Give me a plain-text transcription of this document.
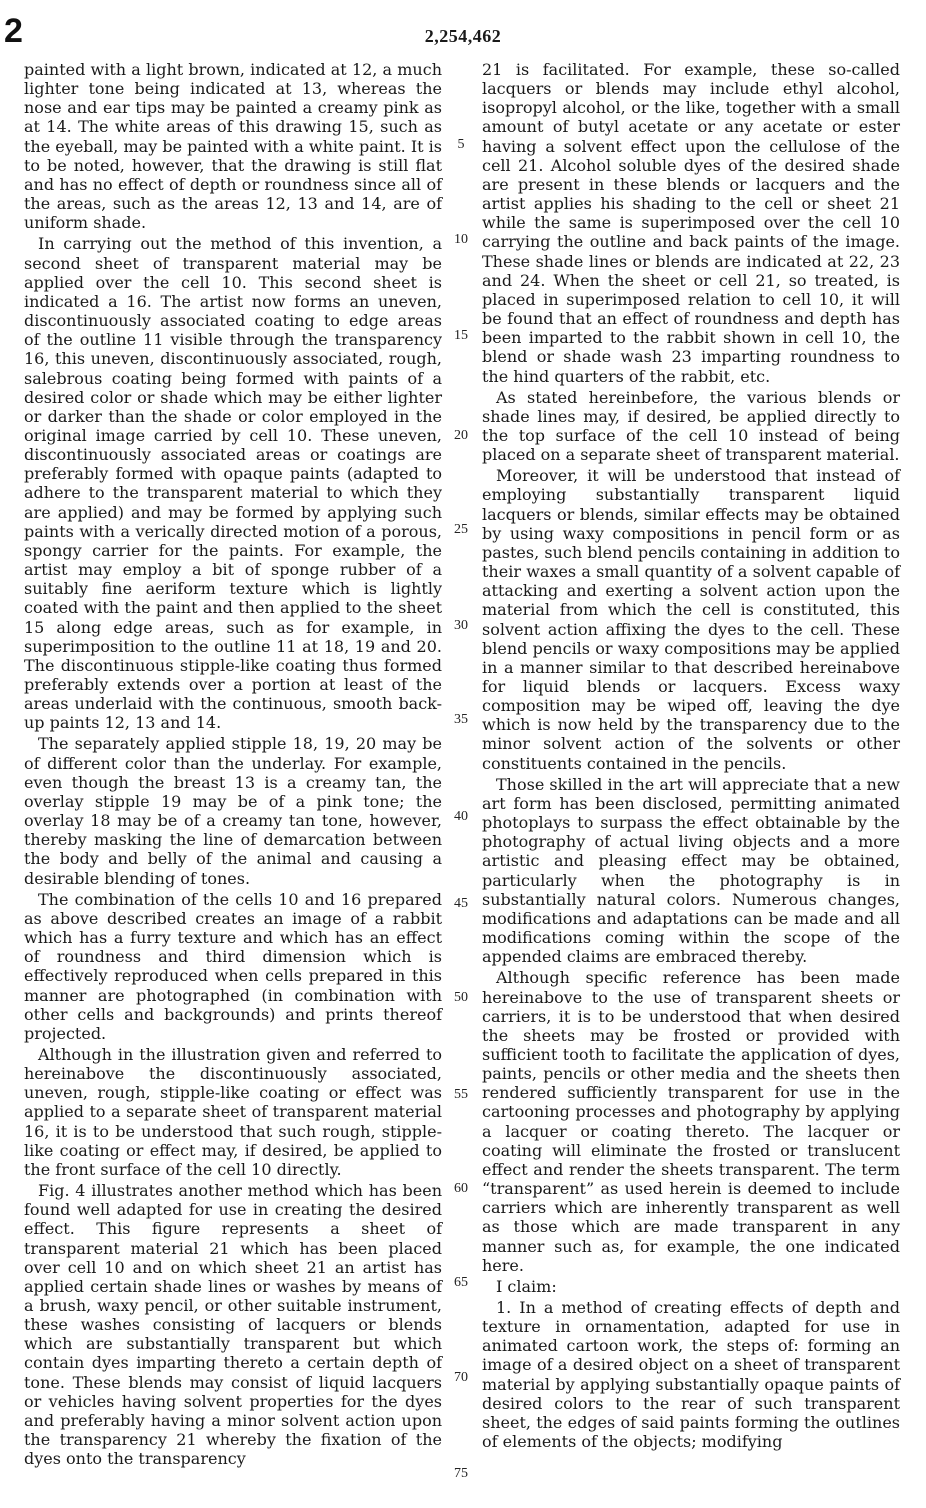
2	2,254,462

painted with a light brown, indicated at 12, a much lighter tone being indicated at 13, whereas the nose and ear tips may be painted a creamy pink as at 14. The white areas of this drawing 15, such as the eyeball, may be painted with a white paint. It is to be noted, however, that the drawing is still flat and has no effect of depth or roundness since all of the areas, such as the areas 12, 13 and 14, are of uniform shade.

In carrying out the method of this invention, a second sheet of transparent material may be applied over the cell 10. This second sheet is indicated a 16. The artist now forms an uneven, discontinuously associated coating to edge areas of the outline 11 visible through the transparency 16, this uneven, discontinuously associated, rough, salebrous coating being formed with paints of a desired color or shade which may be either lighter or darker than the shade or color employed in the original image carried by cell 10. These uneven, discontinuously associated areas or coatings are preferably formed with opaque paints (adapted to adhere to the transparent material to which they are applied) and may be formed by applying such paints with a verically directed motion of a porous, spongy carrier for the paints. For example, the artist may employ a bit of sponge rubber of a suitably fine aeriform texture which is lightly coated with the paint and then applied to the sheet 15 along edge areas, such as for example, in superimposition to the outline 11 at 18, 19 and 20. The discontinuous stipple-like coating thus formed preferably extends over a portion at least of the areas underlaid with the continuous, smooth back-up paints 12, 13 and 14.

The separately applied stipple 18, 19, 20 may be of different color than the underlay. For example, even though the breast 13 is a creamy tan, the overlay stipple 19 may be of a pink tone; the overlay 18 may be of a creamy tan tone, however, thereby masking the line of demarcation between the body and belly of the animal and causing a desirable blending of tones.

The combination of the cells 10 and 16 prepared as above described creates an image of a rabbit which has a furry texture and which has an effect of roundness and third dimension which is effectively reproduced when cells prepared in this manner are photographed (in combination with other cells and backgrounds) and prints thereof projected.

Although in the illustration given and referred to hereinabove the discontinuously associated, uneven, rough, stipple-like coating or effect was applied to a separate sheet of transparent material 16, it is to be understood that such rough, stipple-like coating or effect may, if desired, be applied to the front surface of the cell 10 directly.

Fig. 4 illustrates another method which has been found well adapted for use in creating the desired effect. This figure represents a sheet of transparent material 21 which has been placed over cell 10 and on which sheet 21 an artist has applied certain shade lines or washes by means of a brush, waxy pencil, or other suitable instrument, these washes consisting of lacquers or blends which are substantially transparent but which contain dyes imparting thereto a certain depth of tone. These blends may consist of liquid lacquers or vehicles having solvent properties for the dyes and preferably having a minor solvent action upon the transparency 21 whereby the fixation of the dyes onto the transparency

5
10
15
20
25
30
35
40
45
50
55
60
65
70
75

21 is facilitated. For example, these so-called lacquers or blends may include ethyl alcohol, isopropyl alcohol, or the like, together with a small amount of butyl acetate or any acetate or ester having a solvent effect upon the cellulose of the cell 21. Alcohol soluble dyes of the desired shade are present in these blends or lacquers and the artist applies his shading to the cell or sheet 21 while the same is superimposed over the cell 10 carrying the outline and back paints of the image. These shade lines or blends are indicated at 22, 23 and 24. When the sheet or cell 21, so treated, is placed in superimposed relation to cell 10, it will be found that an effect of roundness and depth has been imparted to the rabbit shown in cell 10, the blend or shade wash 23 imparting roundness to the hind quarters of the rabbit, etc.

As stated hereinbefore, the various blends or shade lines may, if desired, be applied directly to the top surface of the cell 10 instead of being placed on a separate sheet of transparent material.

Moreover, it will be understood that instead of employing substantially transparent liquid lacquers or blends, similar effects may be obtained by using waxy compositions in pencil form or as pastes, such blend pencils containing in addition to their waxes a small quantity of a solvent capable of attacking and exerting a solvent action upon the material from which the cell is constituted, this solvent action affixing the dyes to the cell. These blend pencils or waxy compositions may be applied in a manner similar to that described hereinabove for liquid blends or lacquers. Excess waxy composition may be wiped off, leaving the dye which is now held by the transparency due to the minor solvent action of the solvents or other constituents contained in the pencils.

Those skilled in the art will appreciate that a new art form has been disclosed, permitting animated photoplays to surpass the effect obtainable by the photography of actual living objects and a more artistic and pleasing effect may be obtained, particularly when the photography is in substantially natural colors. Numerous changes, modifications and adaptations can be made and all modifications coming within the scope of the appended claims are embraced thereby.

Although specific reference has been made hereinabove to the use of transparent sheets or carriers, it is to be understood that when desired the sheets may be frosted or provided with sufficient tooth to facilitate the application of dyes, paints, pencils or other media and the sheets then rendered sufficiently transparent for use in the cartooning processes and photography by applying a lacquer or coating thereto. The lacquer or coating will eliminate the frosted or translucent effect and render the sheets transparent. The term “transparent” as used herein is deemed to include carriers which are inherently transparent as well as those which are made transparent in any manner such as, for example, the one indicated here.

I claim:

1. In a method of creating effects of depth and texture in ornamentation, adapted for use in animated cartoon work, the steps of: forming an image of a desired object on a sheet of transparent material by applying substantially opaque paints of desired colors to the rear of such transparent sheet, the edges of said paints forming the outlines of elements of the objects; modifying
